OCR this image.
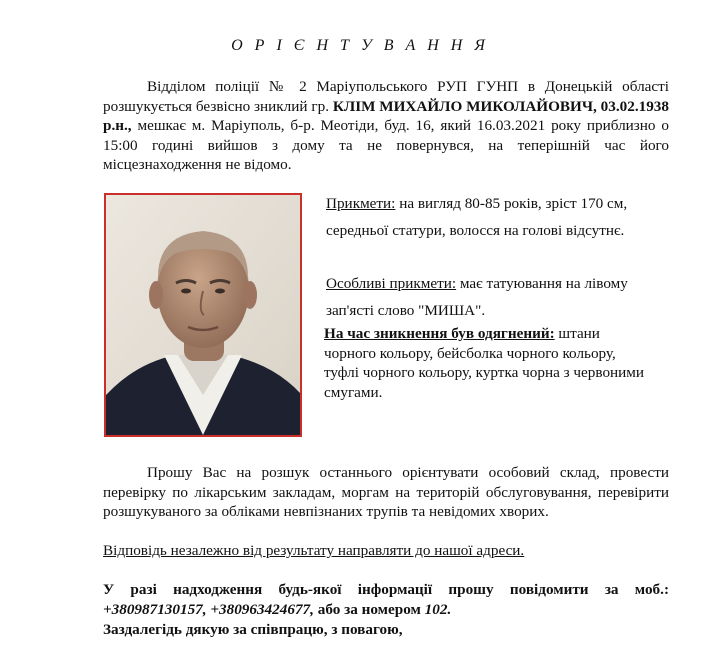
О Р І Є Н Т У В А Н Н Я
Відділом поліції № 2 Маріупольського РУП ГУНП в Донецькій області розшукується безвісно зниклий гр. КЛІМ МИХАЙЛО МИКОЛАЙОВИЧ, 03.02.1938 р.н., мешкає м. Маріуполь, б-р. Меотіди, буд. 16, який 16.03.2021 року приблизно о 15:00 годині вийшов з дому та не повернувся, на теперішній час його місцезнаходження не відомо.
Прикмети: на вигляд 80-85 років, зріст 170 см, середньої статури, волосся на голові відсутнє.
Особливі прикмети: має татуювання на лівому зап'ясті слово "МИША".
На час зникнення був одягнений: штани чорного кольору, бейсболка чорного кольору, туфлі чорного кольору, куртка чорна з червоними смугами.
Прошу Вас на розшук останнього орієнтувати особовий склад, провести перевірку по лікарським закладам, моргам на територій обслуговування, перевірити розшукуваного за обліками невпізнаних трупів та невідомих хворих.
Відповідь незалежно від результату направляти до нашої адреси.
У разі надходження будь-якої інформації прошу повідомити за моб.: +380987130157, +380963424677, або за номером 102.
Заздалегідь дякую за співпрацю, з повагою,
